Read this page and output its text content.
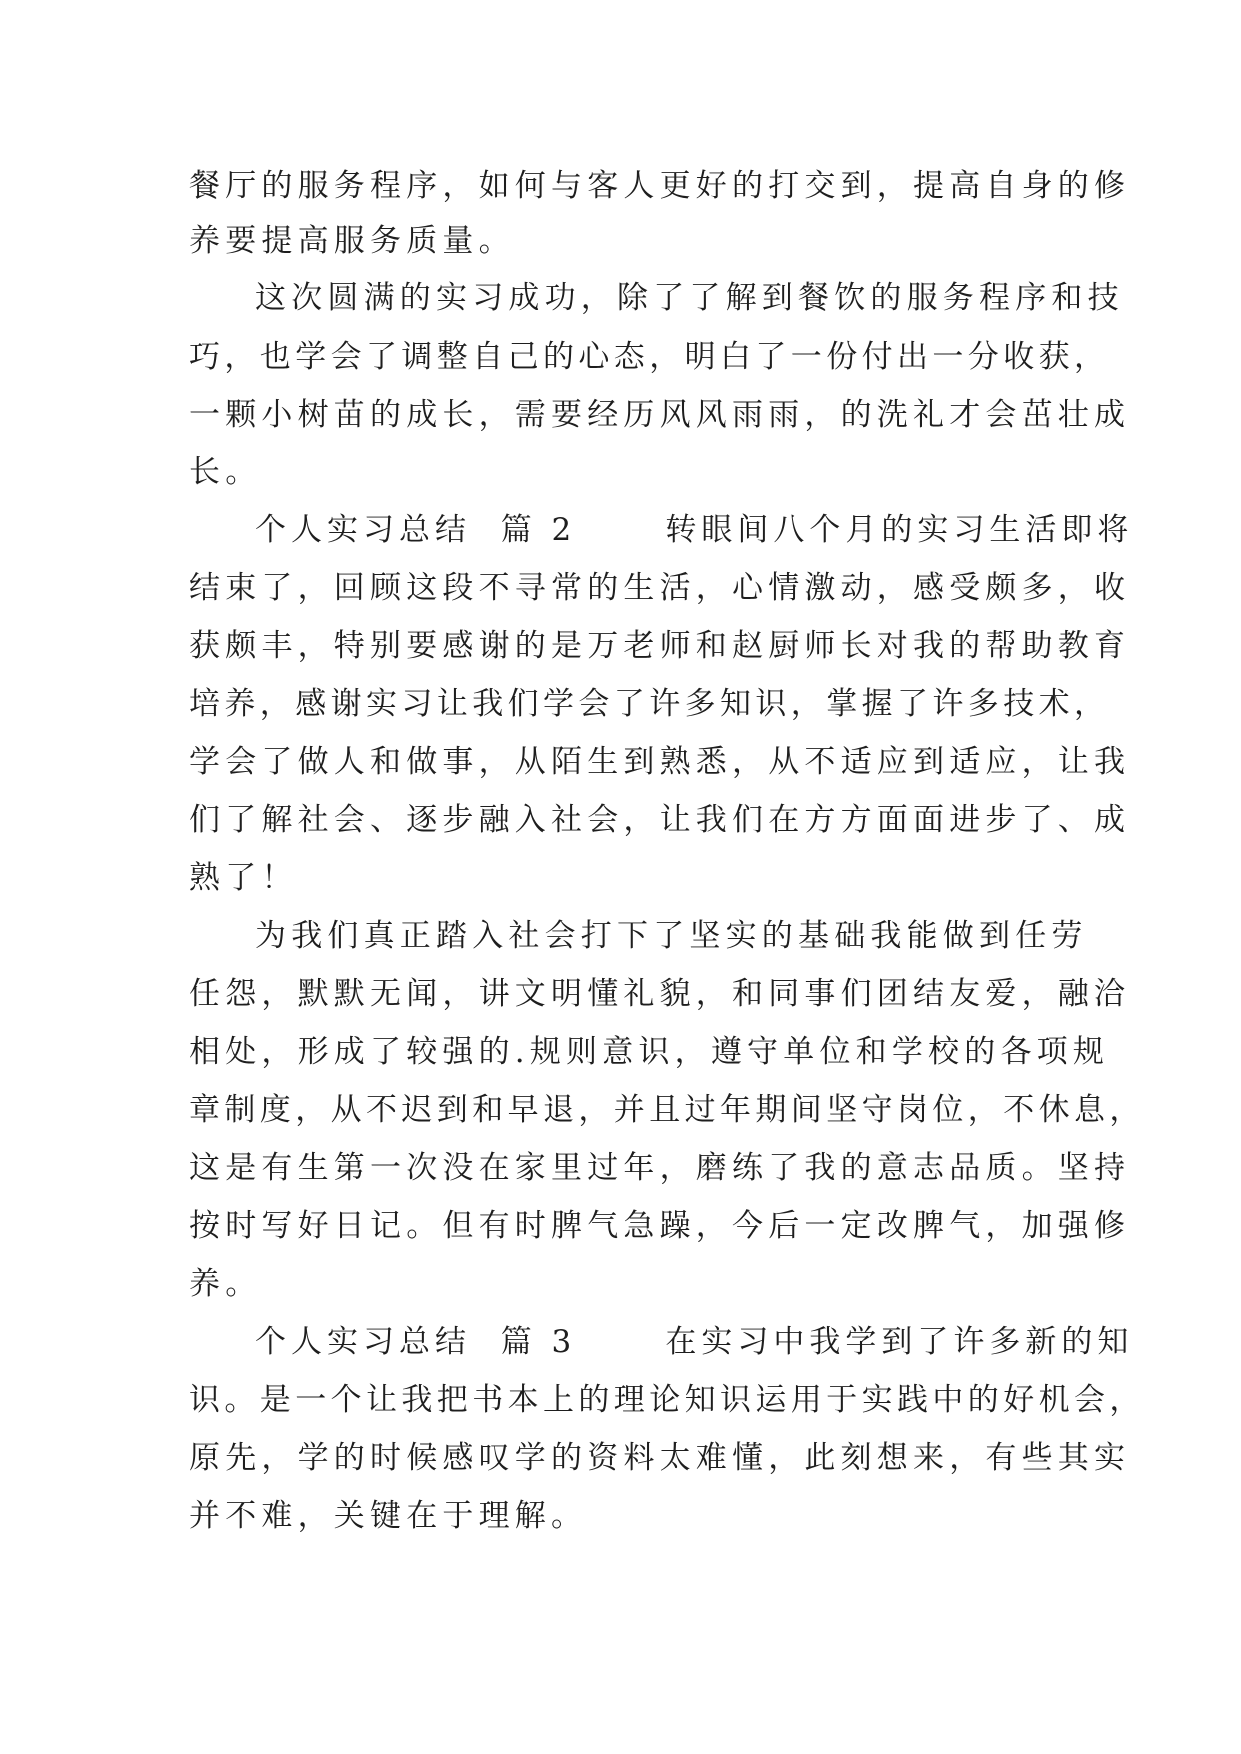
餐厅的服务程序，如何与客人更好的打交到，提高自身的修
养要提高服务质量。
这次圆满的实习成功，除了了解到餐饮的服务程序和技
巧，也学会了调整自己的心态，明白了一份付出一分收获，
一颗小树苗的成长，需要经历风风雨雨，的洗礼才会茁壮成
长。
个人实习总结  篇 2      转眼间八个月的实习生活即将
结束了，回顾这段不寻常的生活，心情激动，感受颇多，收
获颇丰，特别要感谢的是万老师和赵厨师长对我的帮助教育
培养，感谢实习让我们学会了许多知识，掌握了许多技术，
学会了做人和做事，从陌生到熟悉，从不适应到适应，让我
们了解社会、逐步融入社会，让我们在方方面面进步了、成
熟了！
为我们真正踏入社会打下了坚实的基础我能做到任劳
任怨，默默无闻，讲文明懂礼貌，和同事们团结友爱，融洽
相处，形成了较强的.规则意识，遵守单位和学校的各项规
章制度，从不迟到和早退，并且过年期间坚守岗位，不休息，
这是有生第一次没在家里过年，磨练了我的意志品质。坚持
按时写好日记。但有时脾气急躁，今后一定改脾气，加强修
养。
个人实习总结  篇 3      在实习中我学到了许多新的知
识。是一个让我把书本上的理论知识运用于实践中的好机会，
原先，学的时候感叹学的资料太难懂，此刻想来，有些其实
并不难，关键在于理解。
